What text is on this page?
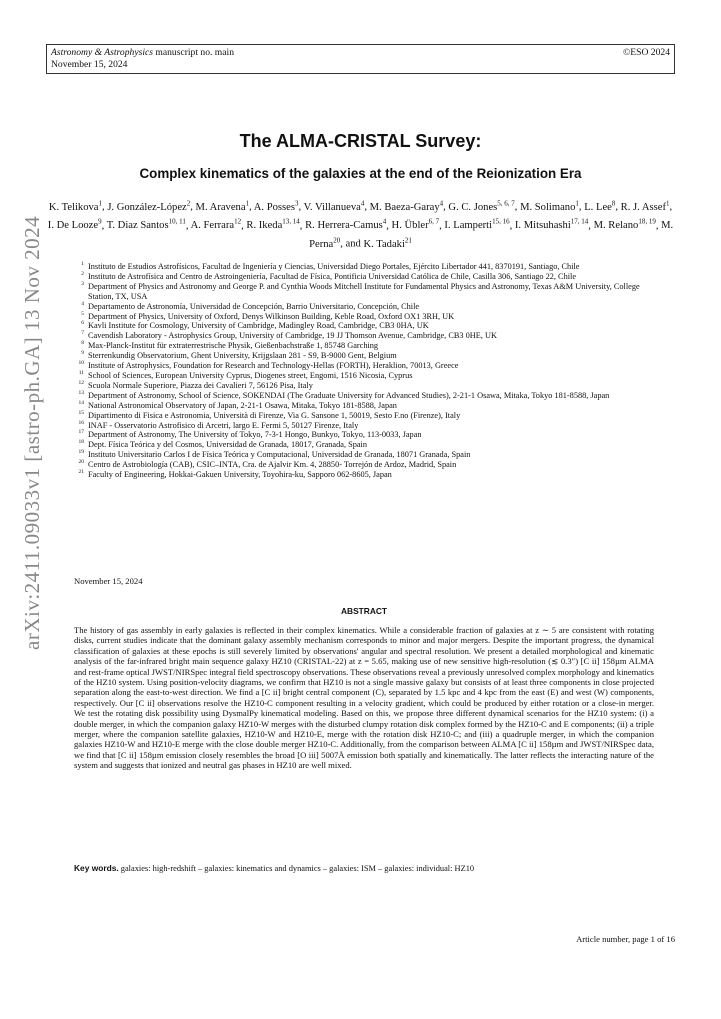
Astronomy & Astrophysics manuscript no. main
November 15, 2024
©ESO 2024
arXiv:2411.09033v1 [astro-ph.GA] 13 Nov 2024
The ALMA-CRISTAL Survey:
Complex kinematics of the galaxies at the end of the Reionization Era
K. Telikova$^1$, J. González-López$^2$, M. Aravena$^1$, A. Posses$^3$, V. Villanueva$^4$, M. Baeza-Garay$^4$, G. C. Jones$^{5, 6, 7}$, M. Solimano$^1$, L. Lee$^8$, R. J. Assef$^1$, I. De Looze$^9$, T. Diaz Santos$^{10, 11}$, A. Ferrara$^{12}$, R. Ikeda$^{13, 14}$, R. Herrera-Camus$^4$, H. Übler$^{6, 7}$, I. Lamperti$^{15, 16}$, I. Mitsuhashi$^{17, 14}$, M. Relano$^{18, 19}$, M. Perna$^{20}$, and K. Tadaki$^{21}$
1 Instituto de Estudios Astrofísicos, Facultad de Ingeniería y Ciencias, Universidad Diego Portales, Ejército Libertador 441, 8370191, Santiago, Chile
2 Instituto de Astrofísica and Centro de Astroingeniería, Facultad de Física, Pontificia Universidad Católica de Chile, Casilla 306, Santiago 22, Chile
3 Department of Physics and Astronomy and George P. and Cynthia Woods Mitchell Institute for Fundamental Physics and Astronomy, Texas A&M University, College Station, TX, USA
4 Departamento de Astronomía, Universidad de Concepción, Barrio Universitario, Concepción, Chile
5 Department of Physics, University of Oxford, Denys Wilkinson Building, Keble Road, Oxford OX1 3RH, UK
6 Kavli Institute for Cosmology, University of Cambridge, Madingley Road, Cambridge, CB3 0HA, UK
7 Cavendish Laboratory - Astrophysics Group, University of Cambridge, 19 JJ Thomson Avenue, Cambridge, CB3 0HE, UK
8 Max-Planck-Institut für extraterrestrische Physik, Gießenbachstraße 1, 85748 Garching
9 Sterrenkundig Observatorium, Ghent University, Krijgslaan 281 - S9, B-9000 Gent, Belgium
10 Institute of Astrophysics, Foundation for Research and Technology-Hellas (FORTH), Heraklion, 70013, Greece
11 School of Sciences, European University Cyprus, Diogenes street, Engomi, 1516 Nicosia, Cyprus
12 Scuola Normale Superiore, Piazza dei Cavalieri 7, 56126 Pisa, Italy
13 Department of Astronomy, School of Science, SOKENDAI (The Graduate University for Advanced Studies), 2-21-1 Osawa, Mitaka, Tokyo 181-8588, Japan
14 National Astronomical Observatory of Japan, 2-21-1 Osawa, Mitaka, Tokyo 181-8588, Japan
15 Dipartimento di Fisica e Astronomia, Università di Firenze, Via G. Sansone 1, 50019, Sesto F.no (Firenze), Italy
16 INAF - Osservatorio Astrofisico di Arcetri, largo E. Fermi 5, 50127 Firenze, Italy
17 Department of Astronomy, The University of Tokyo, 7-3-1 Hongo, Bunkyo, Tokyo, 113-0033, Japan
18 Dept. Física Teórica y del Cosmos, Universidad de Granada, 18017, Granada, Spain
19 Instituto Universitario Carlos I de Física Teórica y Computacional, Universidad de Granada, 18071 Granada, Spain
20 Centro de Astrobiología (CAB), CSIC–INTA, Cra. de Ajalvir Km. 4, 28850- Torrejón de Ardoz, Madrid, Spain
21 Faculty of Engineering, Hokkai-Gakuen University, Toyohira-ku, Sapporo 062-8605, Japan
November 15, 2024
ABSTRACT
The history of gas assembly in early galaxies is reflected in their complex kinematics. While a considerable fraction of galaxies at z ∼ 5 are consistent with rotating disks, current studies indicate that the dominant galaxy assembly mechanism corresponds to minor and major mergers. Despite the important progress, the dynamical classification of galaxies at these epochs is still severely limited by observations' angular and spectral resolution. We present a detailed morphological and kinematic analysis of the far-infrared bright main sequence galaxy HZ10 (CRISTAL-22) at z = 5.65, making use of new sensitive high-resolution (≲ 0.3″) [C ii] 158µm ALMA and rest-frame optical JWST/NIRSpec integral field spectroscopy observations. These observations reveal a previously unresolved complex morphology and kinematics of the HZ10 system. Using position-velocity diagrams, we confirm that HZ10 is not a single massive galaxy but consists of at least three components in close projected separation along the east-to-west direction. We find a [C ii] bright central component (C), separated by 1.5 kpc and 4 kpc from the east (E) and west (W) components, respectively. Our [C ii] observations resolve the HZ10-C component resulting in a velocity gradient, which could be produced by either rotation or a close-in merger. We test the rotating disk possibility using DysmalPy kinematical modeling. Based on this, we propose three different dynamical scenarios for the HZ10 system: (i) a double merger, in which the companion galaxy HZ10-W merges with the disturbed clumpy rotation disk complex formed by the HZ10-C and E components; (ii) a triple merger, where the companion satellite galaxies, HZ10-W and HZ10-E, merge with the rotation disk HZ10-C; and (iii) a quadruple merger, in which the companion galaxies HZ10-W and HZ10-E merge with the close double merger HZ10-C. Additionally, from the comparison between ALMA [C ii] 158µm and JWST/NIRSpec data, we find that [C ii] 158µm emission closely resembles the broad [O iii] 5007Å emission both spatially and kinematically. The latter reflects the interacting nature of the system and suggests that ionized and neutral gas phases in HZ10 are well mixed.
Key words. galaxies: high-redshift – galaxies: kinematics and dynamics – galaxies: ISM – galaxies: individual: HZ10
Article number, page 1 of 16
